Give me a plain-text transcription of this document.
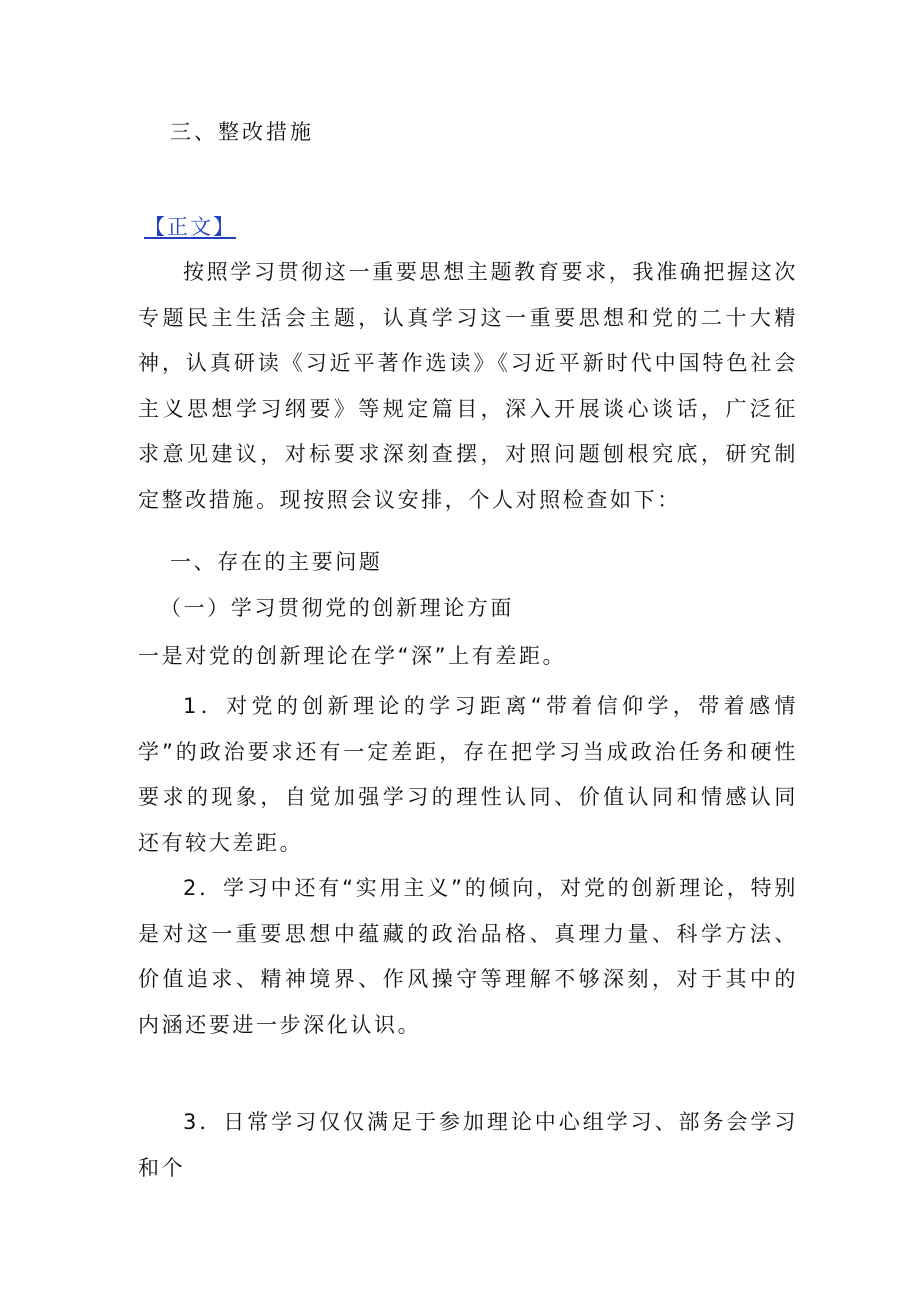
三、整改措施
【正文】

按照学习贯彻这一重要思想主题教育要求，我准确把握这次专题民主生活会主题，认真学习这一重要思想和党的二十大精神，认真研读《习近平著作选读》《习近平新时代中国特色社会主义思想学习纲要》等规定篇目，深入开展谈心谈话，广泛征求意见建议，对标要求深刻查摆，对照问题刨根究底，研究制定整改措施。现按照会议安排，个人对照检查如下：

一、存在的主要问题
（一）学习贯彻党的创新理论方面
一是对党的创新理论在学“深”上有差距。

1．对党的创新理论的学习距离“带着信仰学，带着感情学”的政治要求还有一定差距，存在把学习当成政治任务和硬性要求的现象，自觉加强学习的理性认同、价值认同和情感认同还有较大差距。

2．学习中还有“实用主义”的倾向，对党的创新理论，特别是对这一重要思想中蕴藏的政治品格、真理力量、科学方法、价值追求、精神境界、作风操守等理解不够深刻，对于其中的内涵还要进一步深化认识。

3．日常学习仅仅满足于参加理论中心组学习、部务会学习和个
